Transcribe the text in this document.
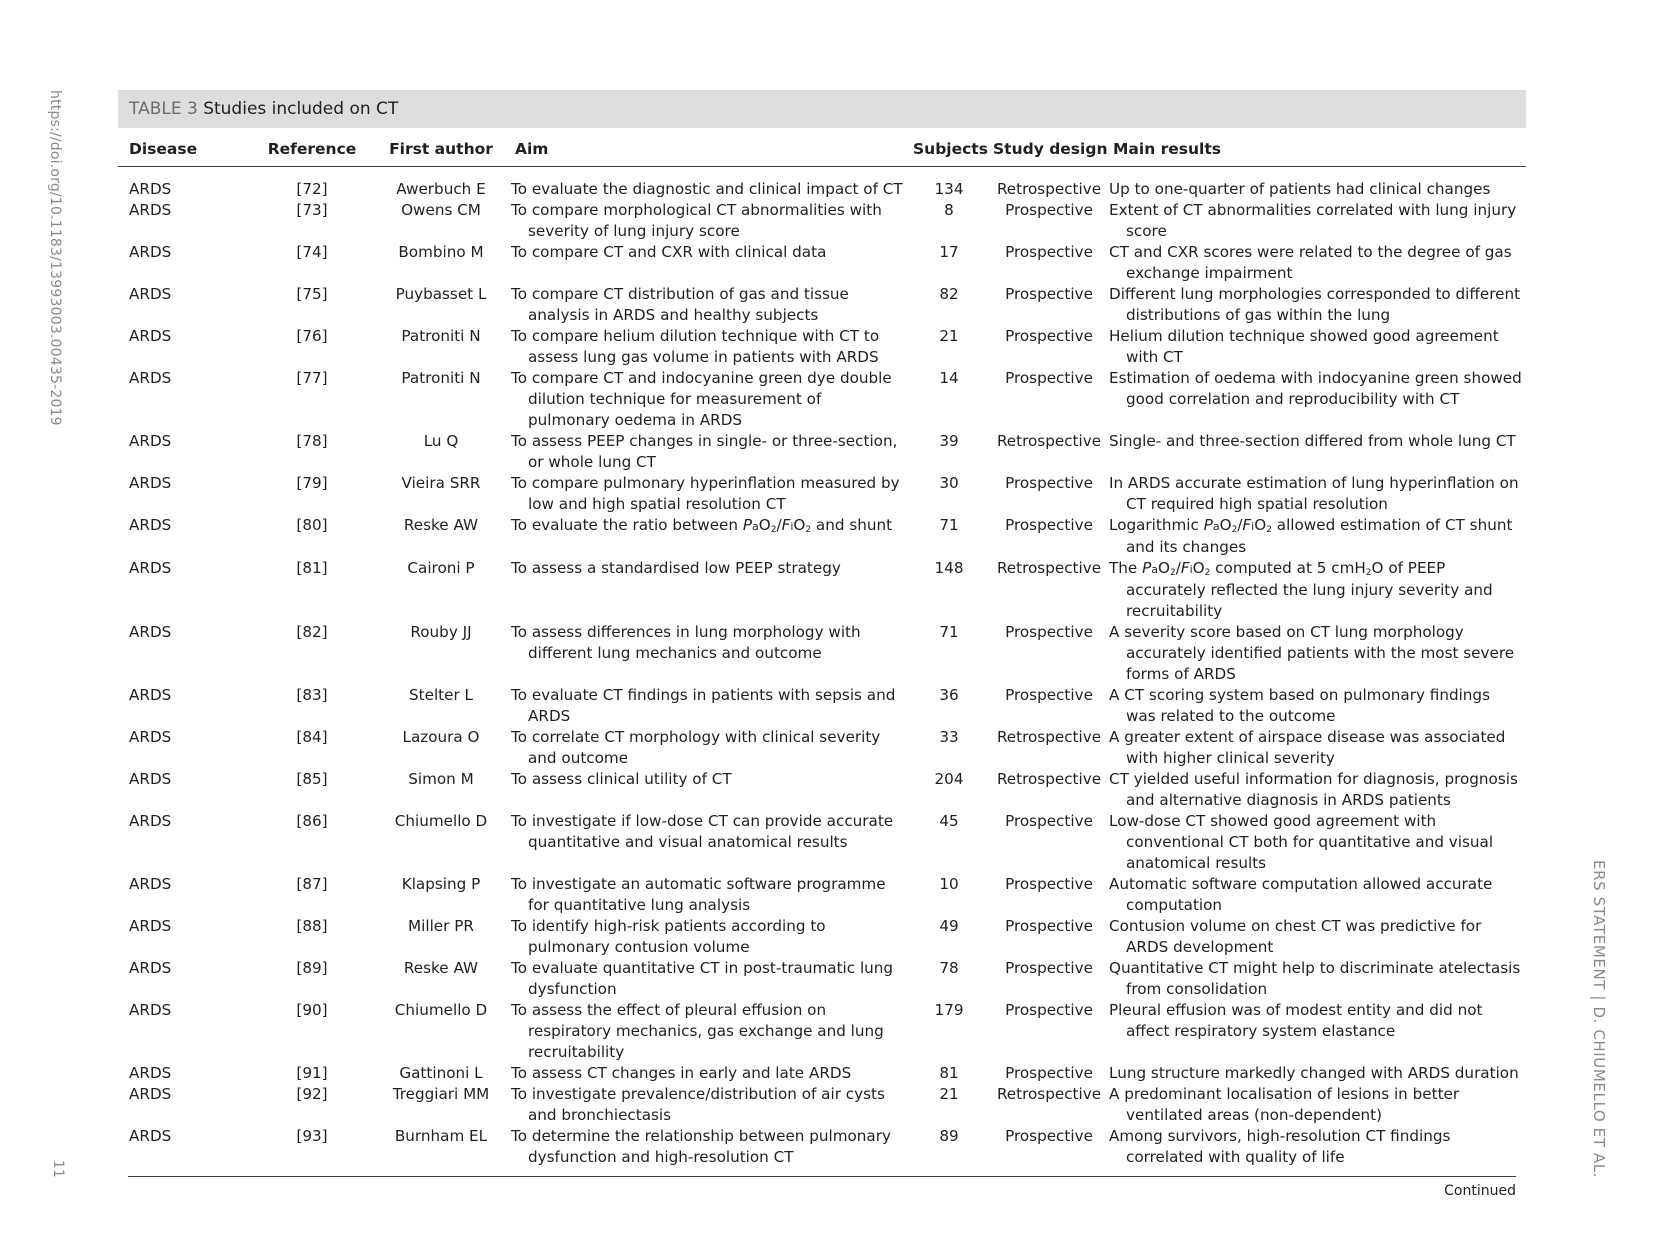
https://doi.org/10.1183/13993003.00435-2019
ERS STATEMENT | D. CHIUMELLO ET AL.
11
TABLE 3 Studies included on CT
Disease	Reference	First author	Aim	Subjects	Study design	Main results

ARDS	[72]	Awerbuch E	To evaluate the diagnostic and clinical impact of CT	134	Retrospective	Up to one-quarter of patients had clinical changes
ARDS	[73]	Owens CM	To compare morphological CT abnormalities with severity of lung injury score	8	Prospective	Extent of CT abnormalities correlated with lung injury score
ARDS	[74]	Bombino M	To compare CT and CXR with clinical data	17	Prospective	CT and CXR scores were related to the degree of gas exchange impairment
ARDS	[75]	Puybasset L	To compare CT distribution of gas and tissue analysis in ARDS and healthy subjects	82	Prospective	Different lung morphologies corresponded to different distributions of gas within the lung
ARDS	[76]	Patroniti N	To compare helium dilution technique with CT to assess lung gas volume in patients with ARDS	21	Prospective	Helium dilution technique showed good agreement with CT
ARDS	[77]	Patroniti N	To compare CT and indocyanine green dye double dilution technique for measurement of pulmonary oedema in ARDS	14	Prospective	Estimation of oedema with indocyanine green showed good correlation and reproducibility with CT
ARDS	[78]	Lu Q	To assess PEEP changes in single- or three-section, or whole lung CT	39	Retrospective	Single- and three-section differed from whole lung CT
ARDS	[79]	Vieira SRR	To compare pulmonary hyperinflation measured by low and high spatial resolution CT	30	Prospective	In ARDS accurate estimation of lung hyperinflation on CT required high spatial resolution
ARDS	[80]	Reske AW	To evaluate the ratio between PaO$_2$/FiO$_2$ and shunt	71	Prospective	Logarithmic PaO$_2$/FiO$_2$ allowed estimation of CT shunt and its changes
ARDS	[81]	Caironi P	To assess a standardised low PEEP strategy	148	Retrospective	The PaO$_2$/FiO$_2$ computed at 5 cmH$_2$O of PEEP accurately reflected the lung injury severity and recruitability
ARDS	[82]	Rouby JJ	To assess differences in lung morphology with different lung mechanics and outcome	71	Prospective	A severity score based on CT lung morphology accurately identified patients with the most severe forms of ARDS
ARDS	[83]	Stelter L	To evaluate CT findings in patients with sepsis and ARDS	36	Prospective	A CT scoring system based on pulmonary findings was related to the outcome
ARDS	[84]	Lazoura O	To correlate CT morphology with clinical severity and outcome	33	Retrospective	A greater extent of airspace disease was associated with higher clinical severity
ARDS	[85]	Simon M	To assess clinical utility of CT	204	Retrospective	CT yielded useful information for diagnosis, prognosis and alternative diagnosis in ARDS patients
ARDS	[86]	Chiumello D	To investigate if low-dose CT can provide accurate quantitative and visual anatomical results	45	Prospective	Low-dose CT showed good agreement with conventional CT both for quantitative and visual anatomical results
ARDS	[87]	Klapsing P	To investigate an automatic software programme for quantitative lung analysis	10	Prospective	Automatic software computation allowed accurate computation
ARDS	[88]	Miller PR	To identify high-risk patients according to pulmonary contusion volume	49	Prospective	Contusion volume on chest CT was predictive for ARDS development
ARDS	[89]	Reske AW	To evaluate quantitative CT in post-traumatic lung dysfunction	78	Prospective	Quantitative CT might help to discriminate atelectasis from consolidation
ARDS	[90]	Chiumello D	To assess the effect of pleural effusion on respiratory mechanics, gas exchange and lung recruitability	179	Prospective	Pleural effusion was of modest entity and did not affect respiratory system elastance
ARDS	[91]	Gattinoni L	To assess CT changes in early and late ARDS	81	Prospective	Lung structure markedly changed with ARDS duration
ARDS	[92]	Treggiari MM	To investigate prevalence/distribution of air cysts and bronchiectasis	21	Retrospective	A predominant localisation of lesions in better ventilated areas (non-dependent)
ARDS	[93]	Burnham EL	To determine the relationship between pulmonary dysfunction and high-resolution CT	89	Prospective	Among survivors, high-resolution CT findings correlated with quality of life
Continued
